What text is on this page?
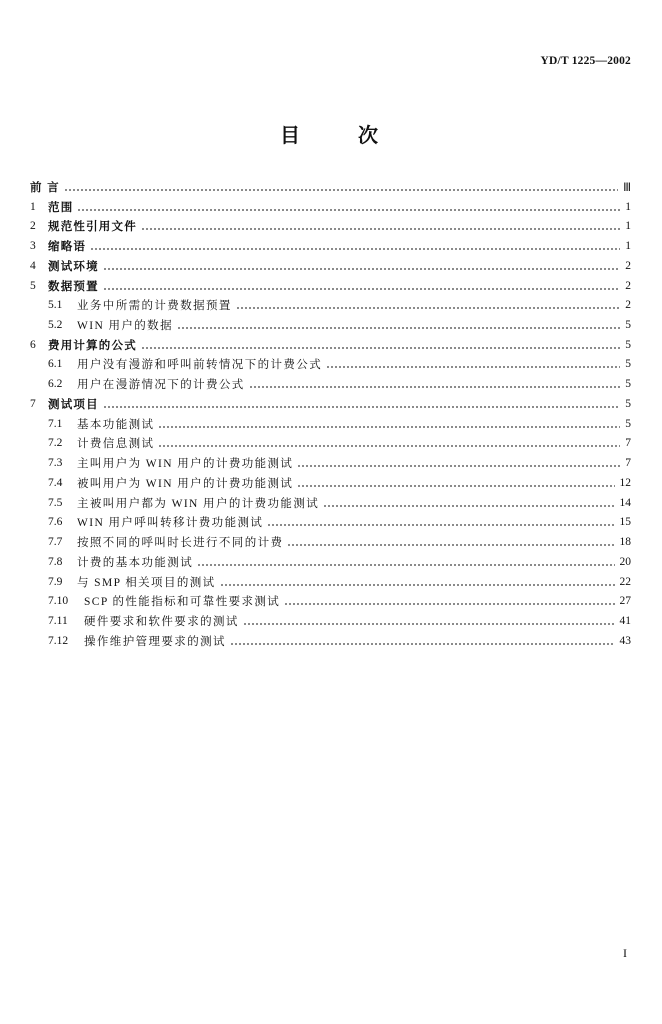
YD/T 1225—2002
目 次
前 言	Ⅲ
1	范围	1
2	规范性引用文件	1
3	缩略语	1
4	测试环境	2
5	数据预置	2
5.1	业务中所需的计费数据预置	2
5.2	WIN 用户的数据	5
6	费用计算的公式	5
6.1	用户没有漫游和呼叫前转情况下的计费公式	5
6.2	用户在漫游情况下的计费公式	5
7	测试项目	5
7.1	基本功能测试	5
7.2	计费信息测试	7
7.3	主叫用户为 WIN 用户的计费功能测试	7
7.4	被叫用户为 WIN 用户的计费功能测试	12
7.5	主被叫用户都为 WIN 用户的计费功能测试	14
7.6	WIN 用户呼叫转移计费功能测试	15
7.7	按照不同的呼叫时长进行不同的计费	18
7.8	计费的基本功能测试	20
7.9	与 SMP 相关项目的测试	22
7.10	SCP 的性能指标和可靠性要求测试	27
7.11	硬件要求和软件要求的测试	41
7.12	操作维护管理要求的测试	43
I
